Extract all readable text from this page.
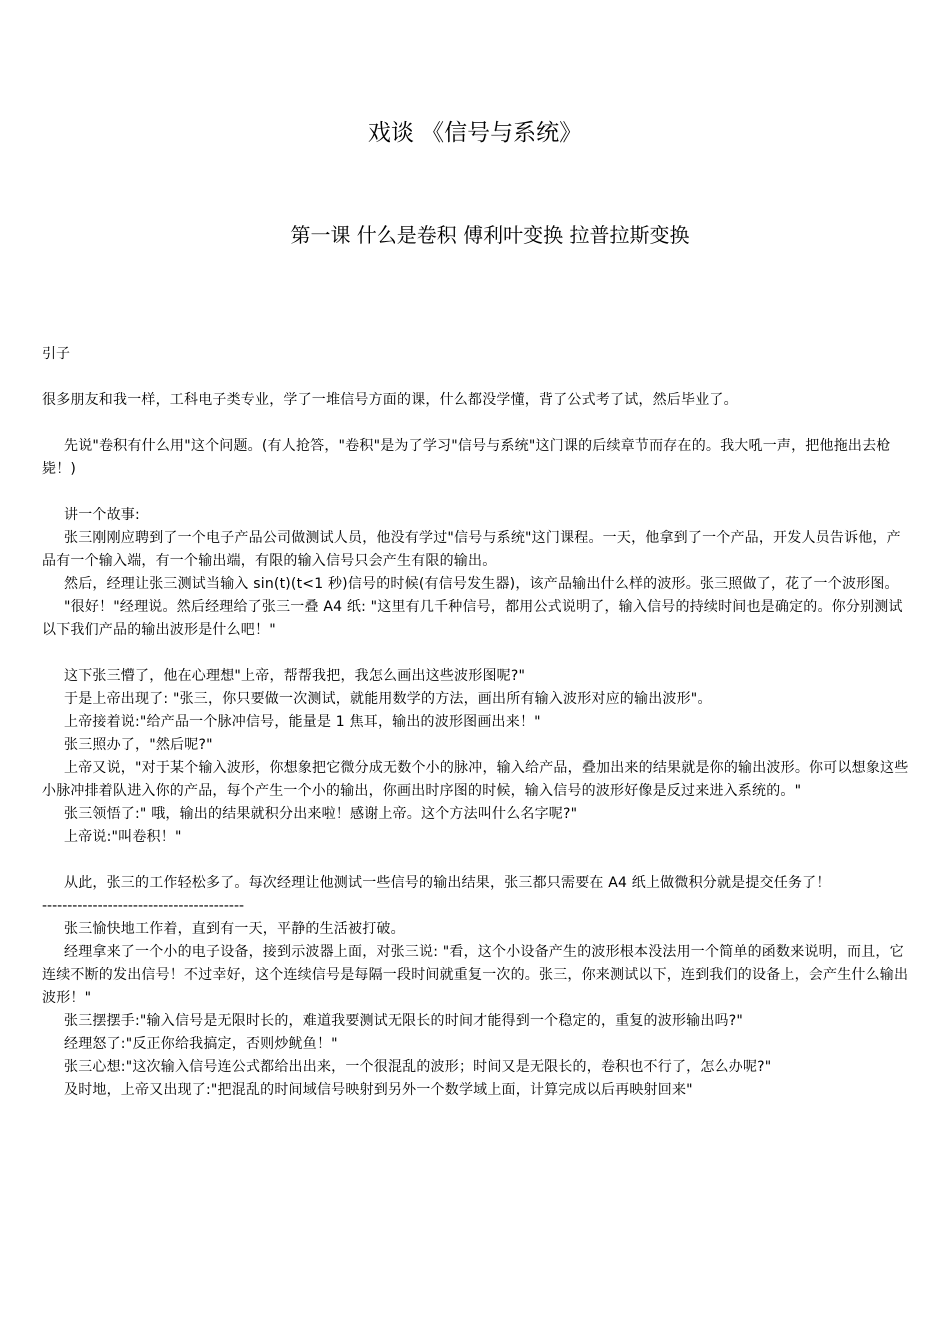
戏谈 《信号与系统》
第一课 什么是卷积 傅利叶变换 拉普拉斯变换
引子

很多朋友和我一样，工科电子类专业，学了一堆信号方面的课，什么都没学懂，背了公式考了试，然后毕业了。

先说"卷积有什么用"这个问题。(有人抢答，"卷积"是为了学习"信号与系统"这门课的后续章节而存在的。我大吼一声，把他拖出去枪毙！)

讲一个故事:

张三刚刚应聘到了一个电子产品公司做测试人员，他没有学过"信号与系统"这门课程。一天，他拿到了一个产品，开发人员告诉他，产品有一个输入端，有一个输出端，有限的输入信号只会产生有限的输出。

然后，经理让张三测试当输入 sin(t)(t<1 秒)信号的时候(有信号发生器)，该产品输出什么样的波形。张三照做了，花了一个波形图。

"很好！"经理说。然后经理给了张三一叠 A4 纸: "这里有几千种信号，都用公式说明了，输入信号的持续时间也是确定的。你分别测试以下我们产品的输出波形是什么吧！"

这下张三懵了，他在心理想"上帝，帮帮我把，我怎么画出这些波形图呢?"

于是上帝出现了: "张三，你只要做一次测试，就能用数学的方法，画出所有输入波形对应的输出波形"。

上帝接着说:"给产品一个脉冲信号，能量是 1 焦耳，输出的波形图画出来！"

张三照办了，"然后呢?"

上帝又说，"对于某个输入波形，你想象把它微分成无数个小的脉冲，输入给产品，叠加出来的结果就是你的输出波形。你可以想象这些小脉冲排着队进入你的产品，每个产生一个小的输出，你画出时序图的时候，输入信号的波形好像是反过来进入系统的。"

张三领悟了:" 哦，输出的结果就积分出来啦！感谢上帝。这个方法叫什么名字呢?"

上帝说:"叫卷积！"

从此，张三的工作轻松多了。每次经理让他测试一些信号的输出结果，张三都只需要在 A4 纸上做微积分就是提交任务了！

----------------------------------------

张三愉快地工作着，直到有一天，平静的生活被打破。

经理拿来了一个小的电子设备，接到示波器上面，对张三说: "看，这个小设备产生的波形根本没法用一个简单的函数来说明，而且，它连续不断的发出信号！不过幸好，这个连续信号是每隔一段时间就重复一次的。张三，你来测试以下，连到我们的设备上，会产生什么输出波形！"

张三摆摆手:"输入信号是无限时长的，难道我要测试无限长的时间才能得到一个稳定的，重复的波形输出吗?"

经理怒了:"反正你给我搞定，否则炒鱿鱼！"

张三心想:"这次输入信号连公式都给出出来，一个很混乱的波形；时间又是无限长的，卷积也不行了，怎么办呢?"

及时地，上帝又出现了:"把混乱的时间域信号映射到另外一个数学域上面，计算完成以后再映射回来"
